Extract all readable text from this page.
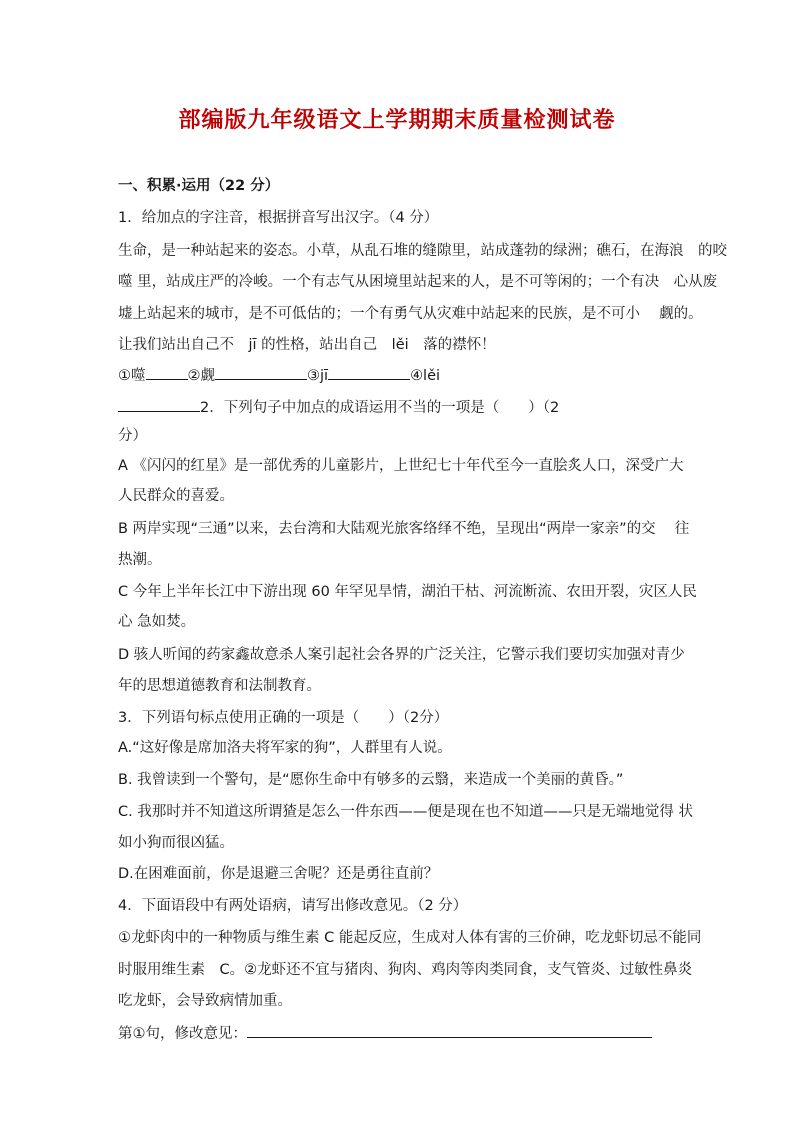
部编版九年级语文上学期期末质量检测试卷
一、积累·运用（22 分）
1．给加点的字注音，根据拼音写出汉字。（4 分）
生命，是一种站起来的姿态。小草，从乱石堆的缝隙里，站成蓬勃的绿洲；礁石，在海浪　的咬
噬 里，站成庄严的冷峻。一个有志气从困境里站起来的人，是不可等闲的；一个有决　心从废
墟上站起来的城市，是不可低估的；一个有勇气从灾难中站起来的民族，是不可小　 觑的。
让我们站出自己不　jī 的性格，站出自己　lěi　落的襟怀！
①噬	②觑	③jī	④lěi
2．下列句子中加点的成语运用不当的一项是（　　）（2
分）
A 《闪闪的红星》是一部优秀的儿童影片，上世纪七十年代至今一直脍炙人口，深受广大
人民群众的喜爱。
B 两岸实现“三通”以来，去台湾和大陆观光旅客络绎不绝，呈现出“两岸一家亲”的交　 往
热潮。
C 今年上半年长江中下游出现 60 年罕见旱情，湖泊干枯、河流断流、农田开裂，灾区人民
心 急如焚。
D 骇人听闻的药家鑫故意杀人案引起社会各界的广泛关注，它警示我们要切实加强对青少
年的思想道德教育和法制教育。
3．下列语句标点使用正确的一项是（　　）（2分）
A.“这好像是席加洛夫将军家的狗”，人群里有人说。
B. 我曾读到一个警句，是“愿你生命中有够多的云翳，来造成一个美丽的黄昏。”
C. 我那时并不知道这所谓猹是怎么一件东西——便是现在也不知道——只是无端地觉得 状
如小狗而很凶猛。
D.在困难面前，你是退避三舍呢？还是勇往直前？
4．下面语段中有两处语病，请写出修改意见。（2 分）
①龙虾肉中的一种物质与维生素 C 能起反应，生成对人体有害的三价砷，吃龙虾切忌不能同
时服用维生素　C。②龙虾还不宜与猪肉、狗肉、鸡肉等肉类同食，支气管炎、过敏性鼻炎
吃龙虾，会导致病情加重。
第①句，修改意见：
